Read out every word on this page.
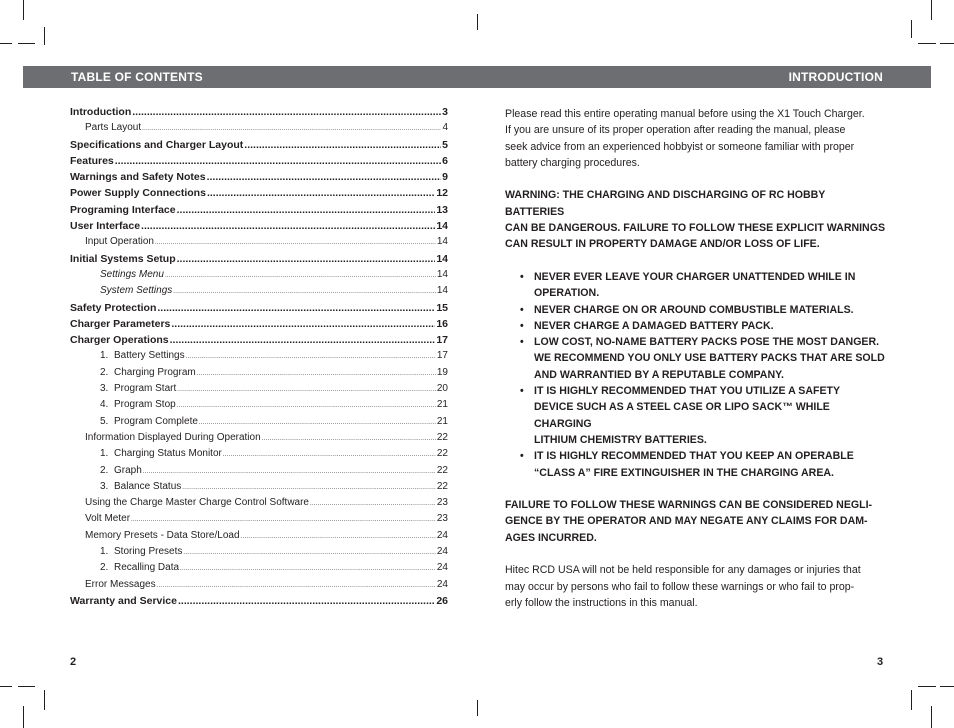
TABLE OF CONTENTS	INTRODUCTION
Introduction .....	3
Parts Layout .....	4
Specifications and Charger Layout .....	5
Features .....	6
Warnings and Safety Notes .....	9
Power Supply Connections .....	12
Programing Interface .....	13
User Interface .....	14
Input Operation .....	14
Initial Systems Setup .....	14
Settings Menu .....	14
System Settings .....	14
Safety Protection .....	15
Charger Parameters .....	16
Charger Operations .....	17
1. Battery Settings .....	17
2. Charging Program .....	19
3. Program Start .....	20
4. Program Stop .....	21
5. Program Complete .....	21
Information Displayed During Operation .....	22
1. Charging Status Monitor .....	22
2. Graph .....	22
3. Balance Status .....	22
Using the Charge Master Charge Control Software .....	23
Volt Meter .....	23
Memory Presets - Data Store/Load .....	24
1. Storing Presets .....	24
2. Recalling Data .....	24
Error Messages .....	24
Warranty and Service .....	26

Please read this entire operating manual before using the X1 Touch Charger.
If you are unsure of its proper operation after reading the manual, please
seek advice from an experienced hobbyist or someone familiar with proper
battery charging procedures.

WARNING: THE CHARGING AND DISCHARGING OF RC HOBBY BATTERIES
CAN BE DANGEROUS. FAILURE TO FOLLOW THESE EXPLICIT WARNINGS
CAN RESULT IN PROPERTY DAMAGE AND/OR LOSS OF LIFE.

• NEVER EVER LEAVE YOUR CHARGER UNATTENDED WHILE IN
OPERATION.
• NEVER CHARGE ON OR AROUND COMBUSTIBLE MATERIALS.
• NEVER CHARGE A DAMAGED BATTERY PACK.
• LOW COST, NO-NAME BATTERY PACKS POSE THE MOST DANGER.
WE RECOMMEND YOU ONLY USE BATTERY PACKS THAT ARE SOLD
AND WARRANTIED BY A REPUTABLE COMPANY.
• IT IS HIGHLY RECOMMENDED THAT YOU UTILIZE A SAFETY
DEVICE SUCH AS A STEEL CASE OR LIPO SACK™ WHILE CHARGING
LITHIUM CHEMISTRY BATTERIES.
• IT IS HIGHLY RECOMMENDED THAT YOU KEEP AN OPERABLE
“CLASS A” FIRE EXTINGUISHER IN THE CHARGING AREA.

FAILURE TO FOLLOW THESE WARNINGS CAN BE CONSIDERED NEGLI-
GENCE BY THE OPERATOR AND MAY NEGATE ANY CLAIMS FOR DAM-
AGES INCURRED.

Hitec RCD USA will not be held responsible for any damages or injuries that
may occur by persons who fail to follow these warnings or who fail to prop-
erly follow the instructions in this manual.

2	3
